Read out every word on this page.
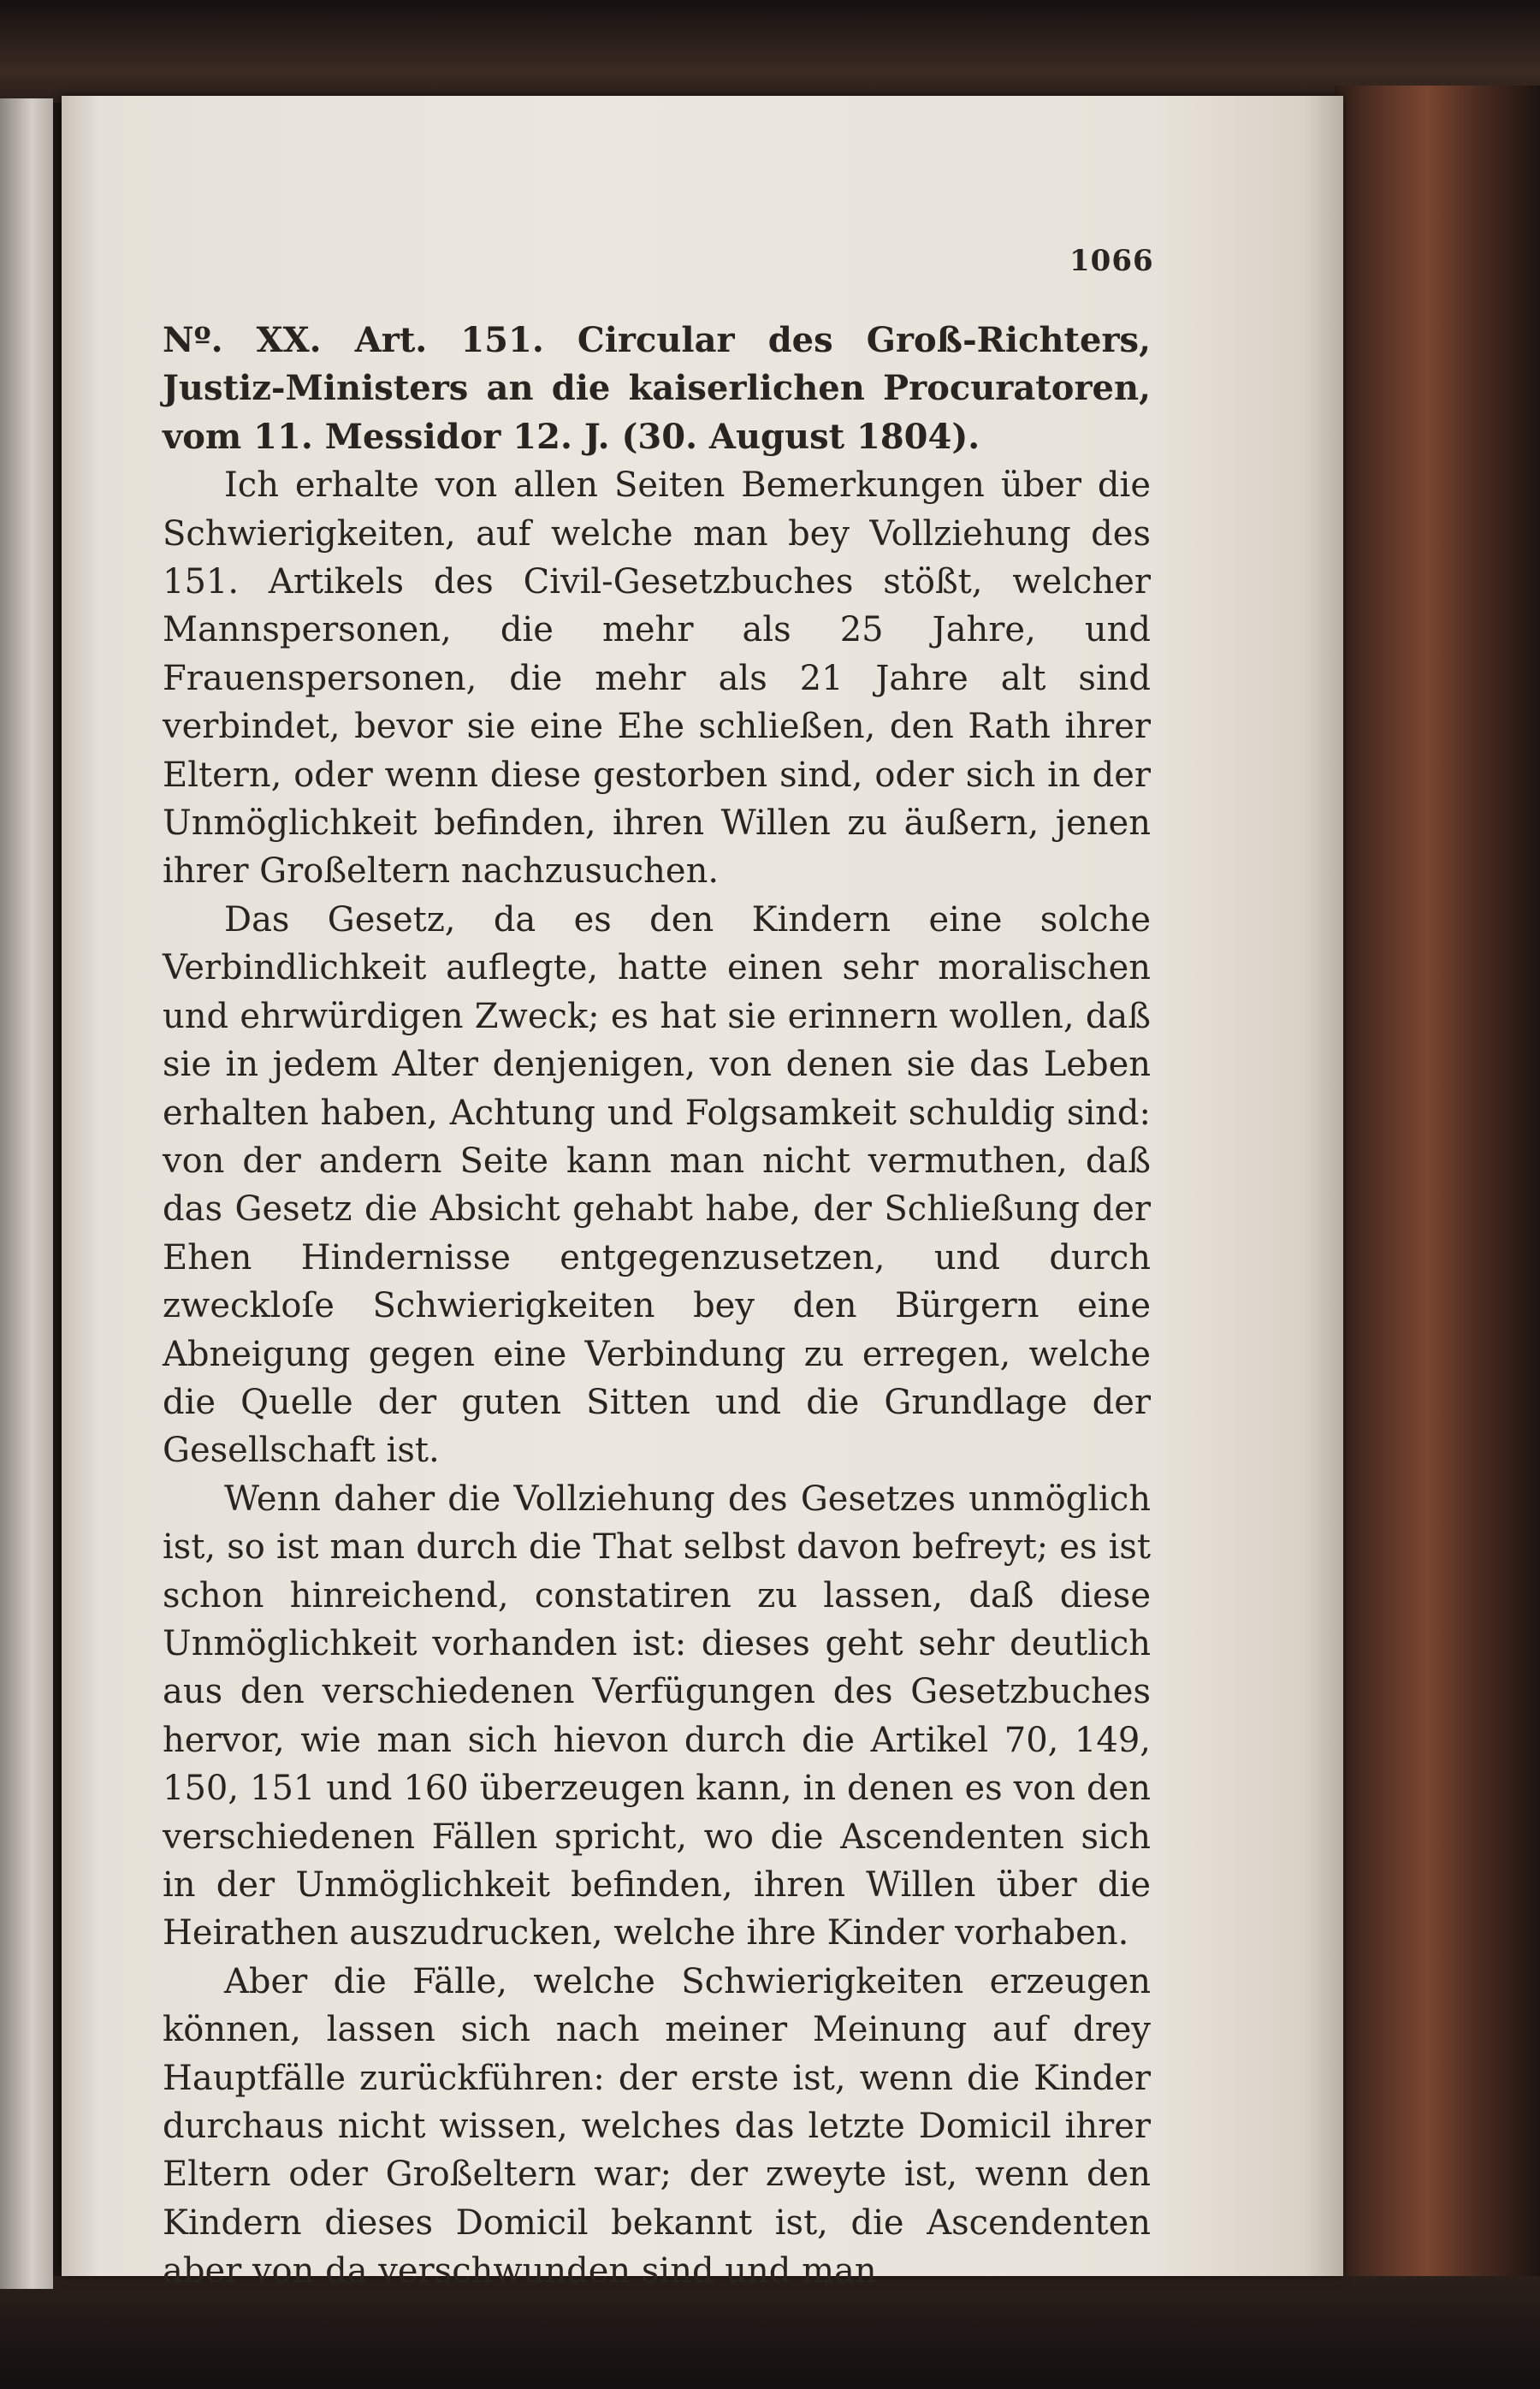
1066

Nº. XX. Art. 151. Circular des Groß-Richters, Justiz-Ministers an die kaiserlichen Procuratoren, vom 11. Messidor 12. J. (30. August 1804).

Ich erhalte von allen Seiten Bemerkungen über die Schwierigkeiten, auf welche man bey Vollziehung des 151. Artikels des Civil-Gesetzbuches stößt, welcher Mannspersonen, die mehr als 25 Jahre, und Frauenspersonen, die mehr als 21 Jahre alt sind verbindet, bevor sie eine Ehe schließen, den Rath ihrer Eltern, oder wenn diese gestorben sind, oder sich in der Unmöglichkeit befinden, ihren Willen zu äußern, jenen ihrer Großeltern nachzusuchen.

Das Gesetz, da es den Kindern eine solche Verbindlichkeit auflegte, hatte einen sehr moralischen und ehrwürdigen Zweck; es hat sie erinnern wollen, daß sie in jedem Alter denjenigen, von denen sie das Leben erhalten haben, Achtung und Folgsamkeit schuldig sind: von der andern Seite kann man nicht vermuthen, daß das Gesetz die Absicht gehabt habe, der Schließung der Ehen Hindernisse entgegenzusetzen, und durch zweckloſe Schwierigkeiten bey den Bürgern eine Abneigung gegen eine Verbindung zu erregen, welche die Quelle der guten Sitten und die Grundlage der Gesellschaft ist.

Wenn daher die Vollziehung des Gesetzes unmöglich ist, so ist man durch die That selbst davon befreyt; es ist schon hinreichend, constatiren zu lassen, daß diese Unmöglichkeit vorhanden ist: dieses geht sehr deutlich aus den verschiedenen Verfügungen des Gesetzbuches hervor, wie man sich hievon durch die Artikel 70, 149, 150, 151 und 160 überzeugen kann, in denen es von den verschiedenen Fällen spricht, wo die Ascendenten sich in der Unmöglichkeit befinden, ihren Willen über die Heirathen auszudrucken, welche ihre Kinder vorhaben.

Aber die Fälle, welche Schwierigkeiten erzeugen können, lassen sich nach meiner Meinung auf drey Hauptfälle zurückführen: der erste ist, wenn die Kinder durchaus nicht wissen, welches das letzte Domicil ihrer Eltern oder Großeltern war; der zweyte ist, wenn den Kindern dieses Domicil bekannt ist, die Ascendenten aber von da verschwunden sind und man
